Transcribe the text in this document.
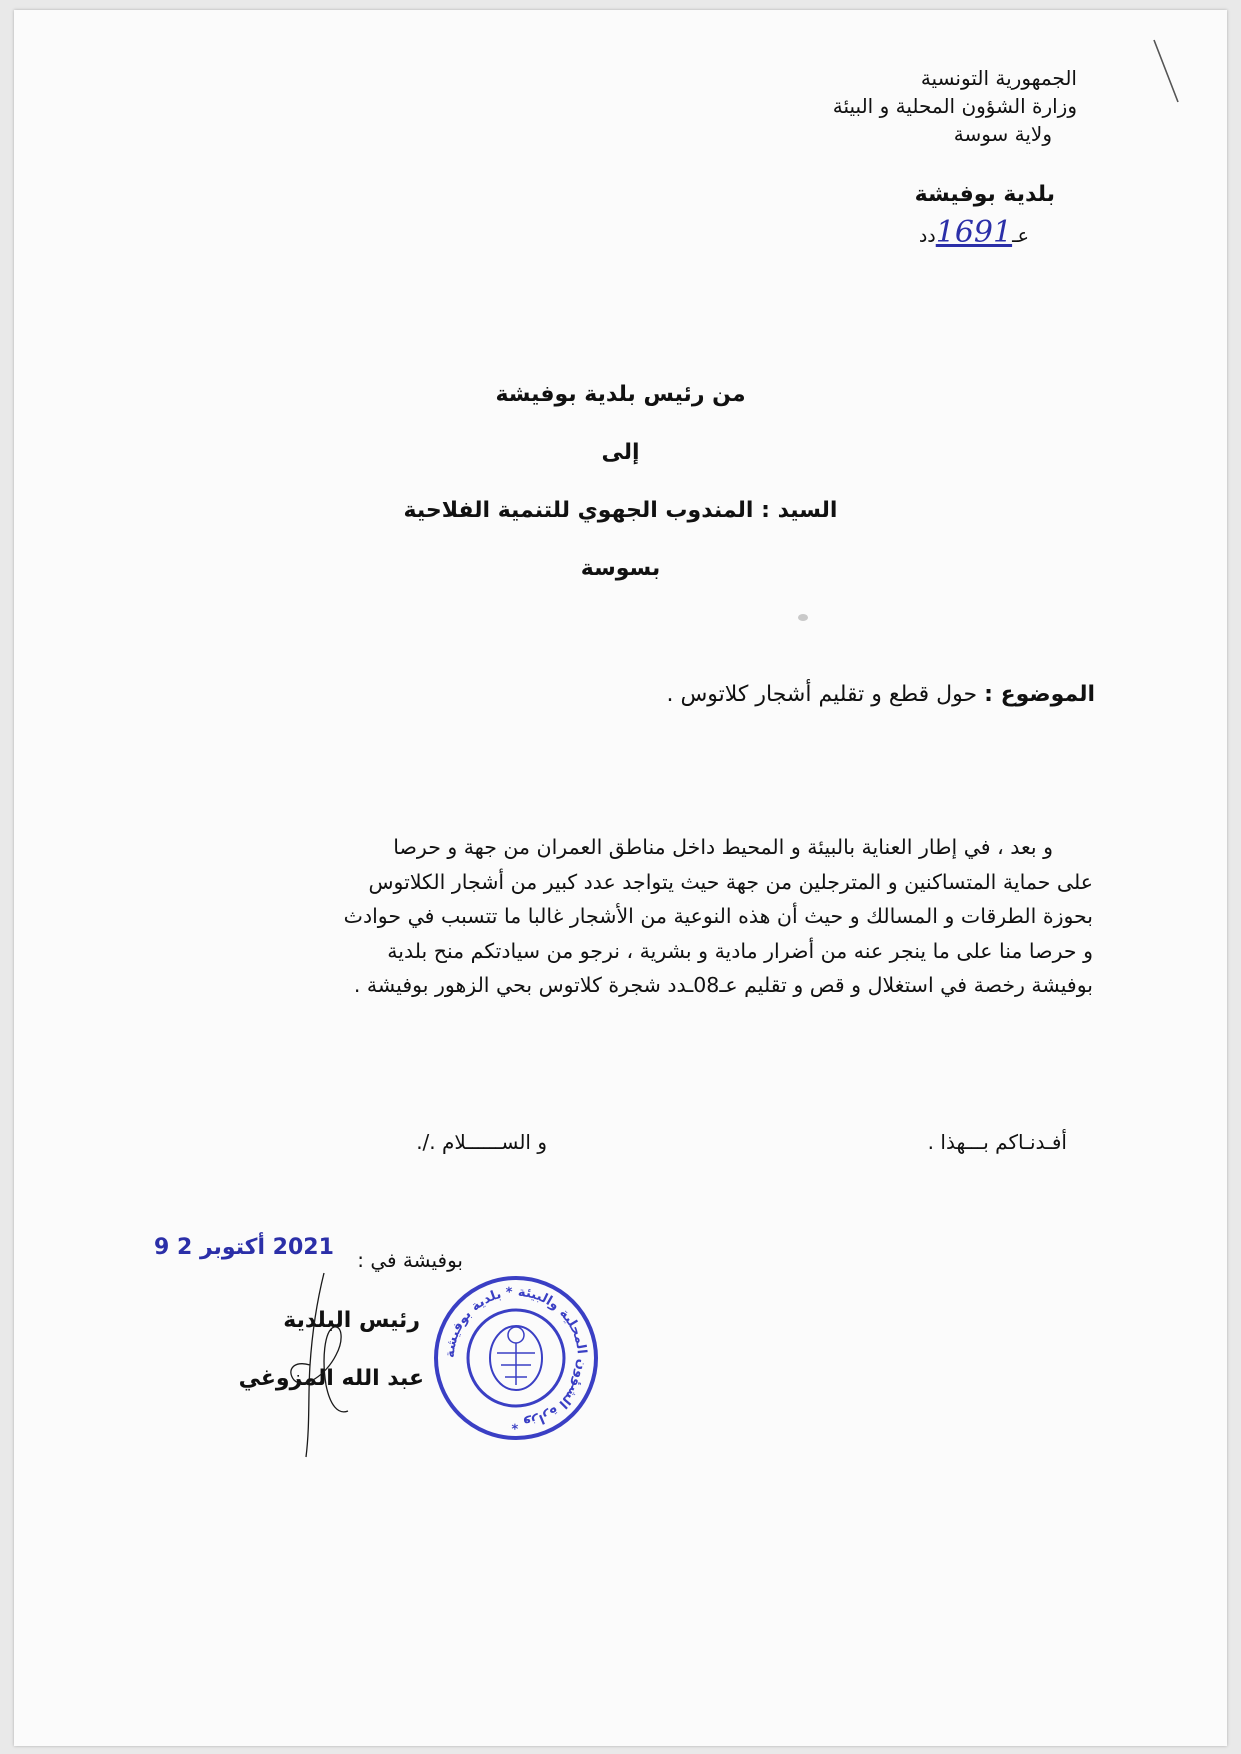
الجمهورية التونسية
وزارة الشؤون المحلية و البيئة
ولاية سوسة
بلدية بوفيشة
عـ1691دد
من رئيس بلدية بوفيشة
إلى
السيد : المندوب الجهوي للتنمية الفلاحية
بسوسة
الموضوع : حول قطع و تقليم أشجار كلاتوس .

و بعد ، في إطار العناية بالبيئة و المحيط داخل مناطق العمران من جهة و حرصا

على حماية المتساكنين و المترجلين من جهة حيث يتواجد عدد كبير من أشجار الكلاتوس

بحوزة الطرقات و المسالك و حيث أن هذه النوعية من الأشجار غالبا ما تتسبب في حوادث

و حرصا منا على ما ينجر عنه من أضرار مادية و بشرية ، نرجو من سيادتكم منح بلدية

بوفيشة رخصة في استغلال و قص و تقليم عـ08ـدد شجرة كلاتوس بحي الزهور بوفيشة .

أفـدنـاكم بـــهذا .
و الســــــلام ./.
2021 أكتوبر 2 9 بوفيشة في :
رئيس البلدية
عبد الله المزوغي
وزارة الشؤون المحلية والبيئة * بلدية بوفيشة *
